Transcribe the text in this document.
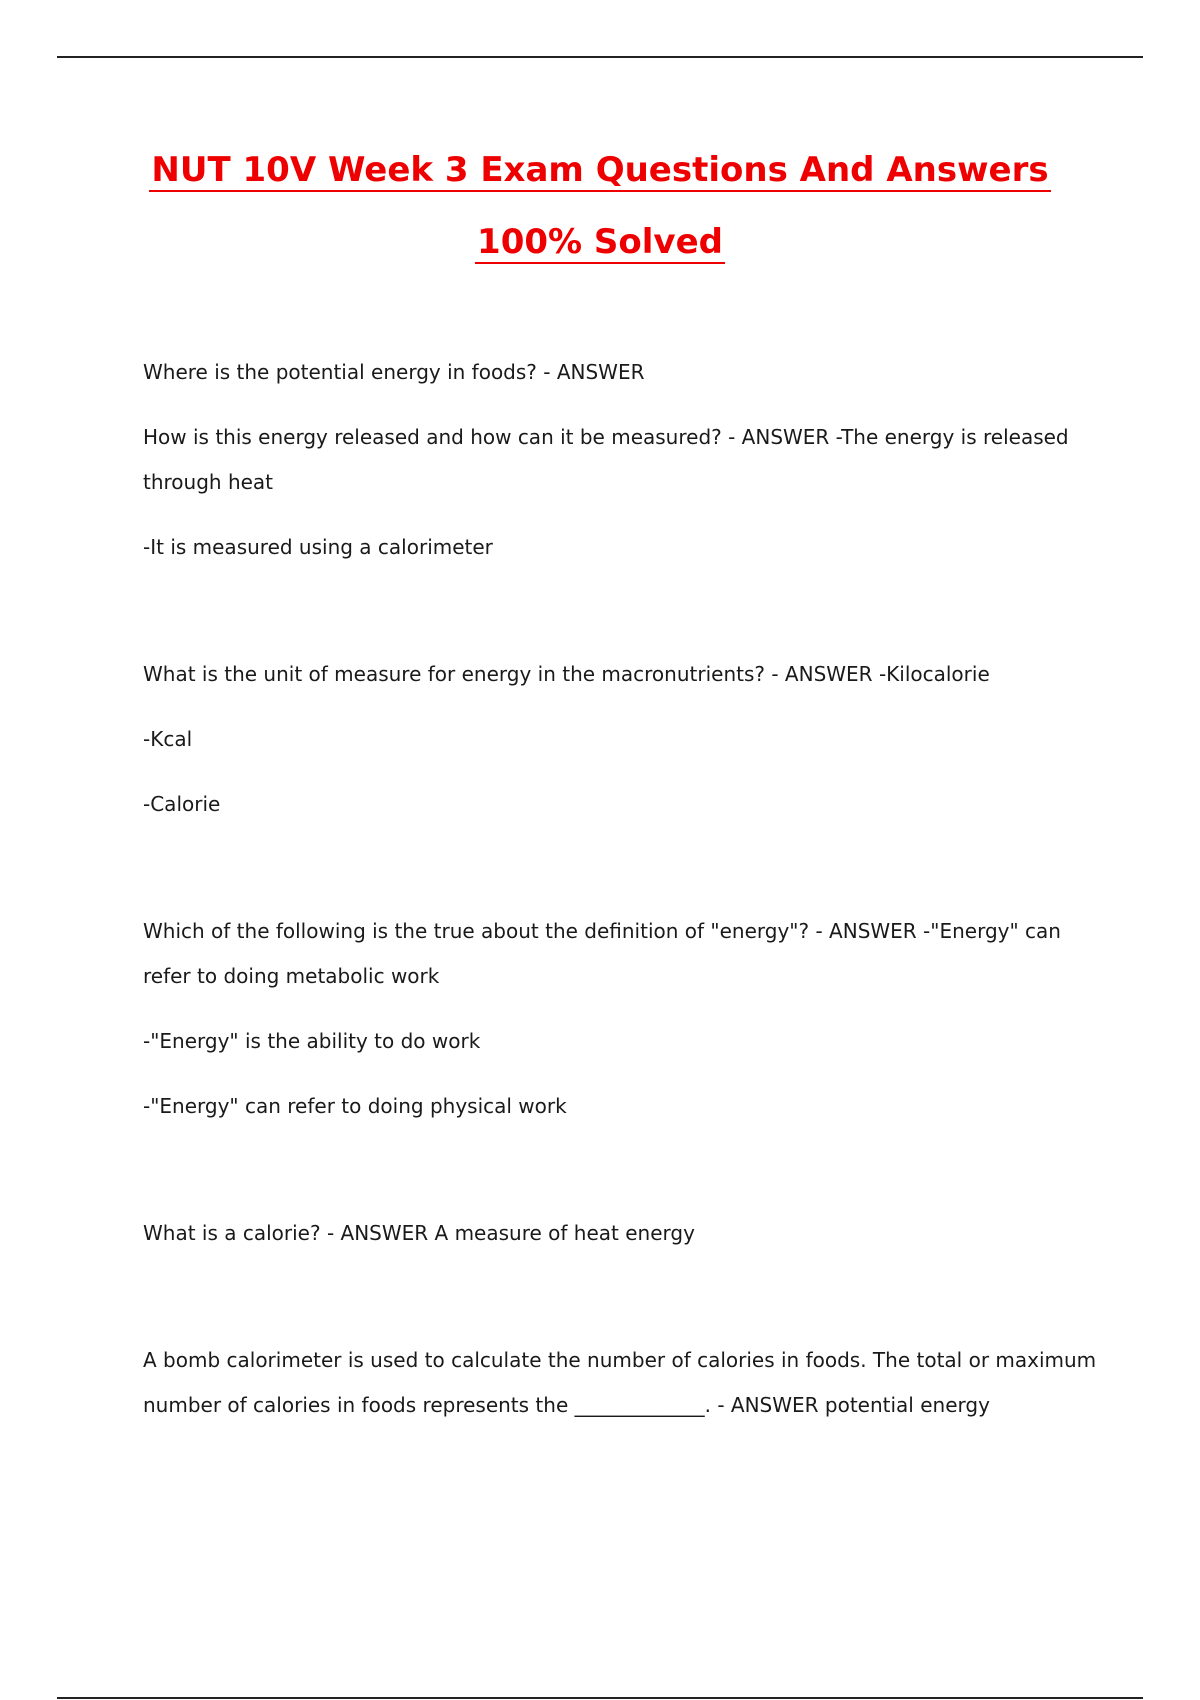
NUT 10V Week 3 Exam Questions And Answers
100% Solved

Where is the potential energy in foods? - ANSWER

How is this energy released and how can it be measured? - ANSWER -The energy is released through heat

-It is measured using a calorimeter

What is the unit of measure for energy in the macronutrients? - ANSWER -Kilocalorie

-Kcal

-Calorie

Which of the following is the true about the definition of "energy"? - ANSWER -"Energy" can refer to doing metabolic work

-"Energy" is the ability to do work

-"Energy" can refer to doing physical work

What is a calorie? - ANSWER A measure of heat energy

A bomb calorimeter is used to calculate the number of calories in foods. The total or maximum number of calories in foods represents the _____________. - ANSWER potential energy
